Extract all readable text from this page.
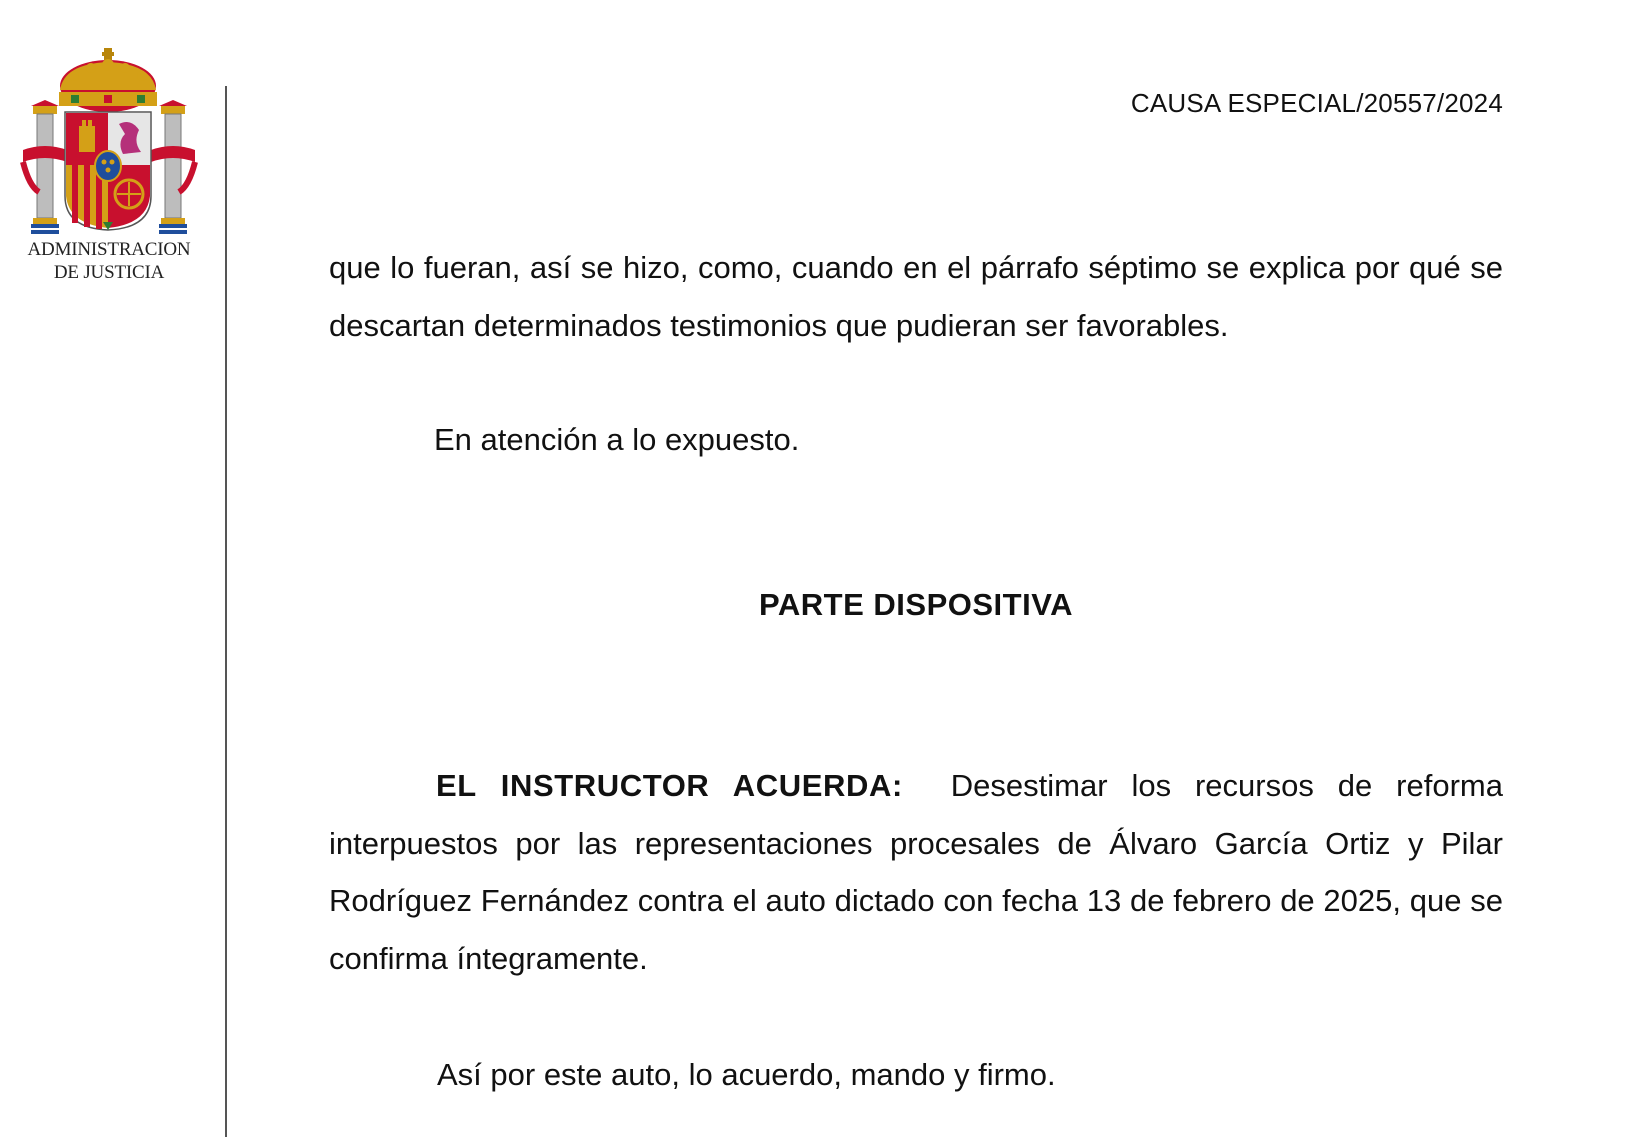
ADMINISTRACION
DE JUSTICIA
CAUSA ESPECIAL/20557/2024
que lo fueran, así se hizo, como, cuando en el párrafo séptimo se explica por qué se descartan determinados testimonios que pudieran ser favorables.
En atención a lo expuesto.
PARTE DISPOSITIVA
EL INSTRUCTOR ACUERDA: Desestimar los recursos de reforma interpuestos por las representaciones procesales de Álvaro García Ortiz y Pilar Rodríguez Fernández contra el auto dictado con fecha 13 de febrero de 2025, que se confirma íntegramente.
Así por este auto, lo acuerdo, mando y firmo.
